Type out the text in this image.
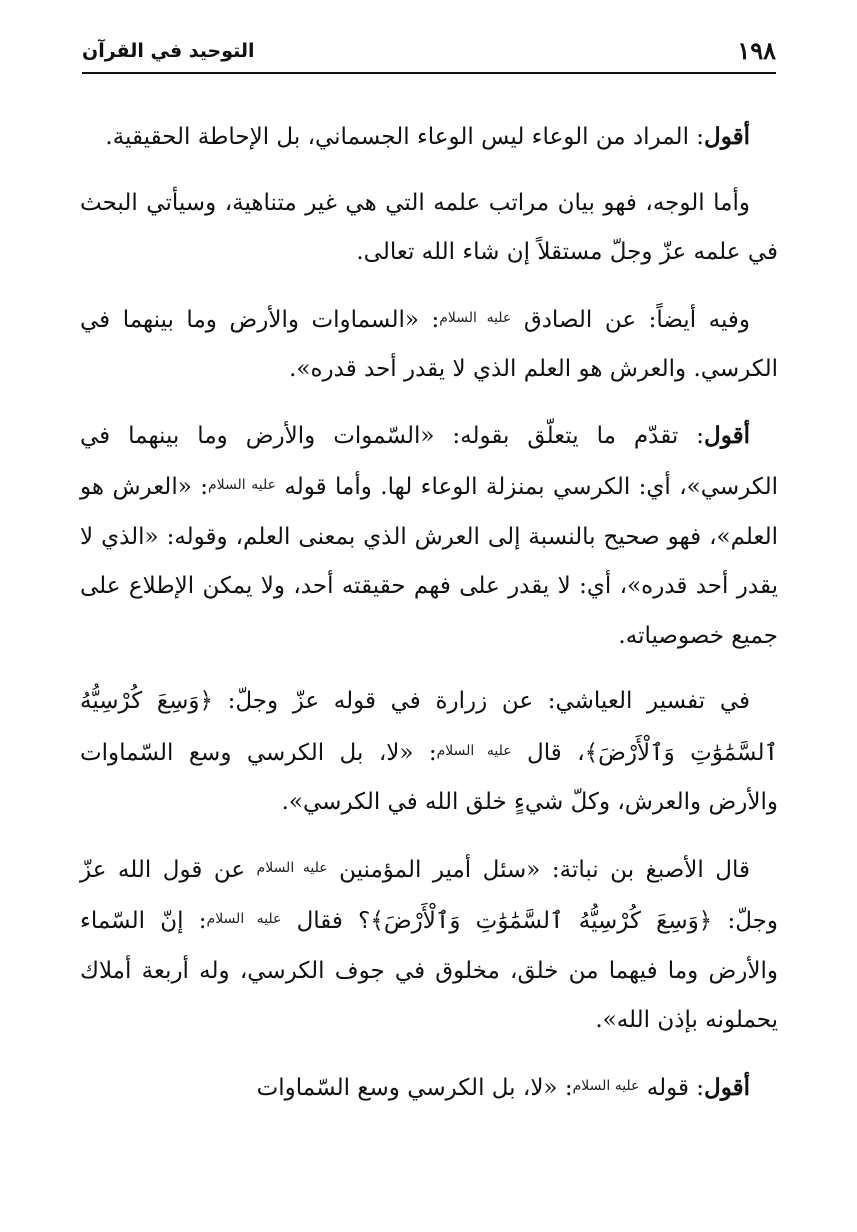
١٩٨
التوحيد في القرآن

أقول: المراد من الوعاء ليس الوعاء الجسماني، بل الإحاطة الحقيقية.

وأما الوجه، فهو بيان مراتب علمه التي هي غير متناهية، وسيأتي البحث في علمه عزّ وجلّ مستقلاً إن شاء الله تعالى.

وفيه أيضاً: عن الصادق $^{عليه السلام}$: «السماوات والأرض وما بينهما في الكرسي. والعرش هو العلم الذي لا يقدر أحد قدره».

أقول: تقدّم ما يتعلّق بقوله: «السّموات والأرض وما بينهما في الكرسي»، أي: الكرسي بمنزلة الوعاء لها. وأما قوله $^{عليه السلام}$: «العرش هو العلم»، فهو صحيح بالنسبة إلى العرش الذي بمعنى العلم، وقوله: «الذي لا يقدر أحد قدره»، أي: لا يقدر على فهم حقيقته أحد، ولا يمكن الإطلاع على جميع خصوصياته.

في تفسير العياشي: عن زرارة في قوله عزّ وجلّ: ﴿وَسِعَ كُرْسِيُّهُ ٱلسَّمَٰوَٰتِ وَٱلْأَرْضَ﴾، قال $^{عليه السلام}$: «لا، بل الكرسي وسع السّماوات والأرض والعرش، وكلّ شيءٍ خلق الله في الكرسي».

قال الأصبغ بن نباتة: «سئل أمير المؤمنين $^{عليه السلام}$ عن قول الله عزّ وجلّ: ﴿وَسِعَ كُرْسِيُّهُ ٱلسَّمَٰوَٰتِ وَٱلْأَرْضَ﴾؟ فقال $^{عليه السلام}$: إنّ السّماء والأرض وما فيهما من خلق، مخلوق في جوف الكرسي، وله أربعة أملاك يحملونه بإذن الله».

أقول: قوله $^{عليه السلام}$: «لا، بل الكرسي وسع السّماوات
